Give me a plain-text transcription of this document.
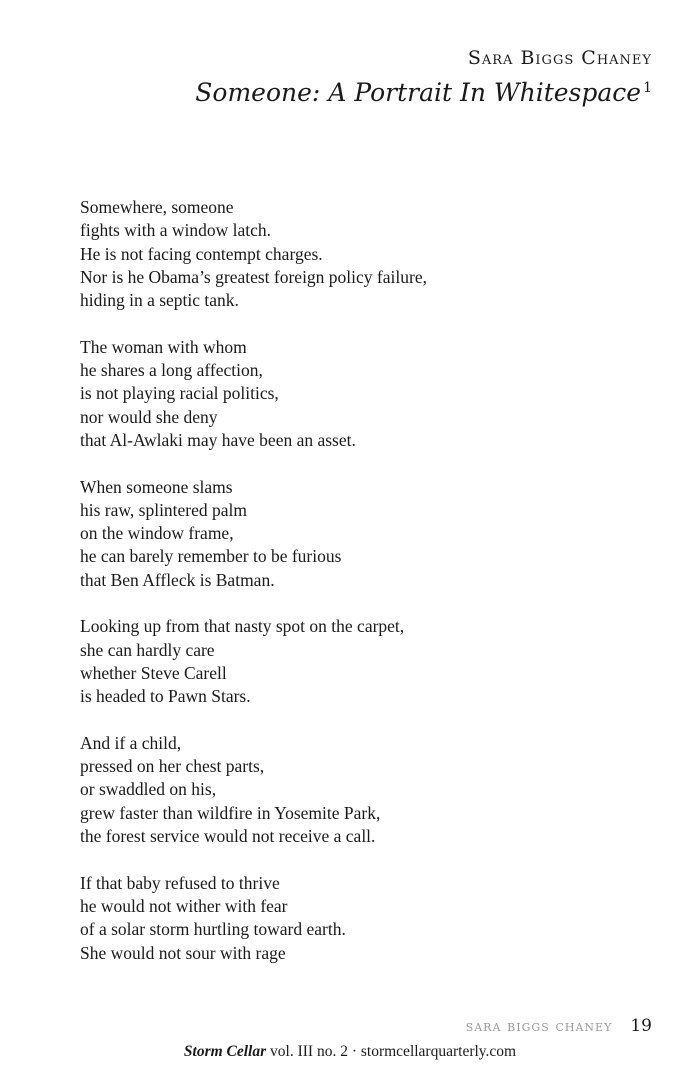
Sara Biggs Chaney
Someone: A Portrait In Whitespace $^1$
Somewhere, someone
fights with a window latch.
He is not facing contempt charges.
Nor is he Obama’s greatest foreign policy failure,
hiding in a septic tank.
The woman with whom
he shares a long affection,
is not playing racial politics,
nor would she deny
that Al-Awlaki may have been an asset.
When someone slams
his raw, splintered palm
on the window frame,
he can barely remember to be furious
that Ben Affleck is Batman.
Looking up from that nasty spot on the carpet,
she can hardly care
whether Steve Carell
is headed to Pawn Stars.
And if a child,
pressed on her chest parts,
or swaddled on his,
grew faster than wildfire in Yosemite Park,
the forest service would not receive a call.
If that baby refused to thrive
he would not wither with fear
of a solar storm hurtling toward earth.
She would not sour with rage
sara biggs chaney 19
Storm Cellar vol. III no. 2 · stormcellarquarterly.com
